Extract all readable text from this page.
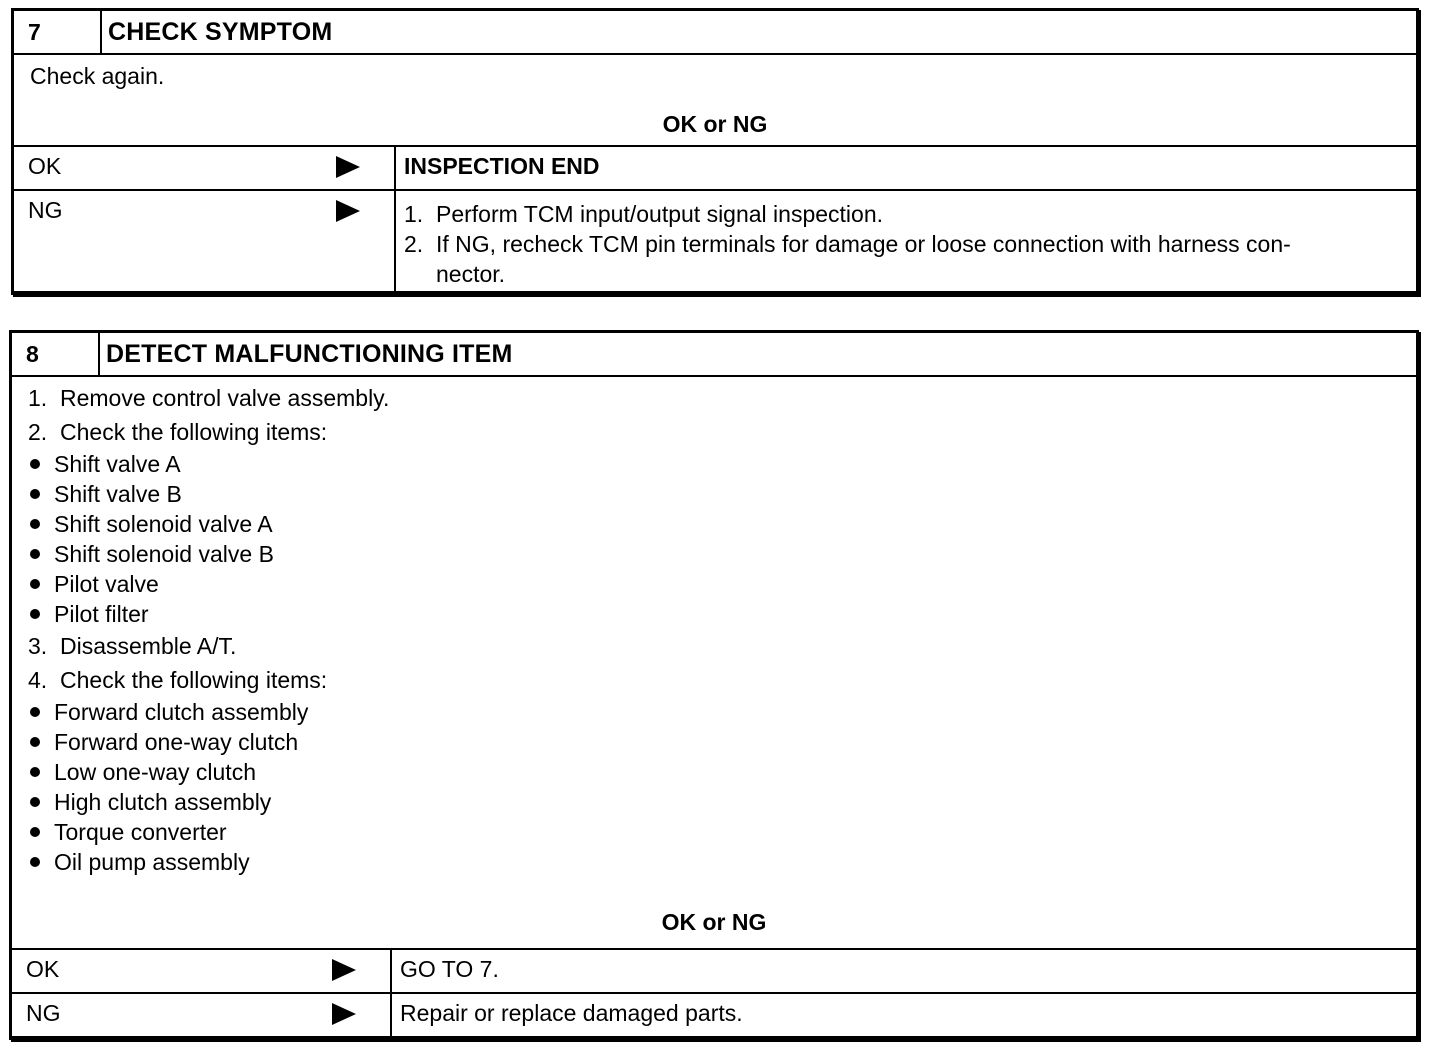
7	CHECK SYMPTOM
Check again.
OK or NG
OK	INSPECTION END
NG	1. Perform TCM input/output signal inspection.
2. If NG, recheck TCM pin terminals for damage or loose connection with harness con-
nector.
8	DETECT MALFUNCTIONING ITEM
1. Remove control valve assembly.
2. Check the following items:
Shift valve A
Shift valve B
Shift solenoid valve A
Shift solenoid valve B
Pilot valve
Pilot filter
3. Disassemble A/T.
4. Check the following items:
Forward clutch assembly
Forward one-way clutch
Low one-way clutch
High clutch assembly
Torque converter
Oil pump assembly
OK or NG
OK	GO TO 7.
NG	Repair or replace damaged parts.
